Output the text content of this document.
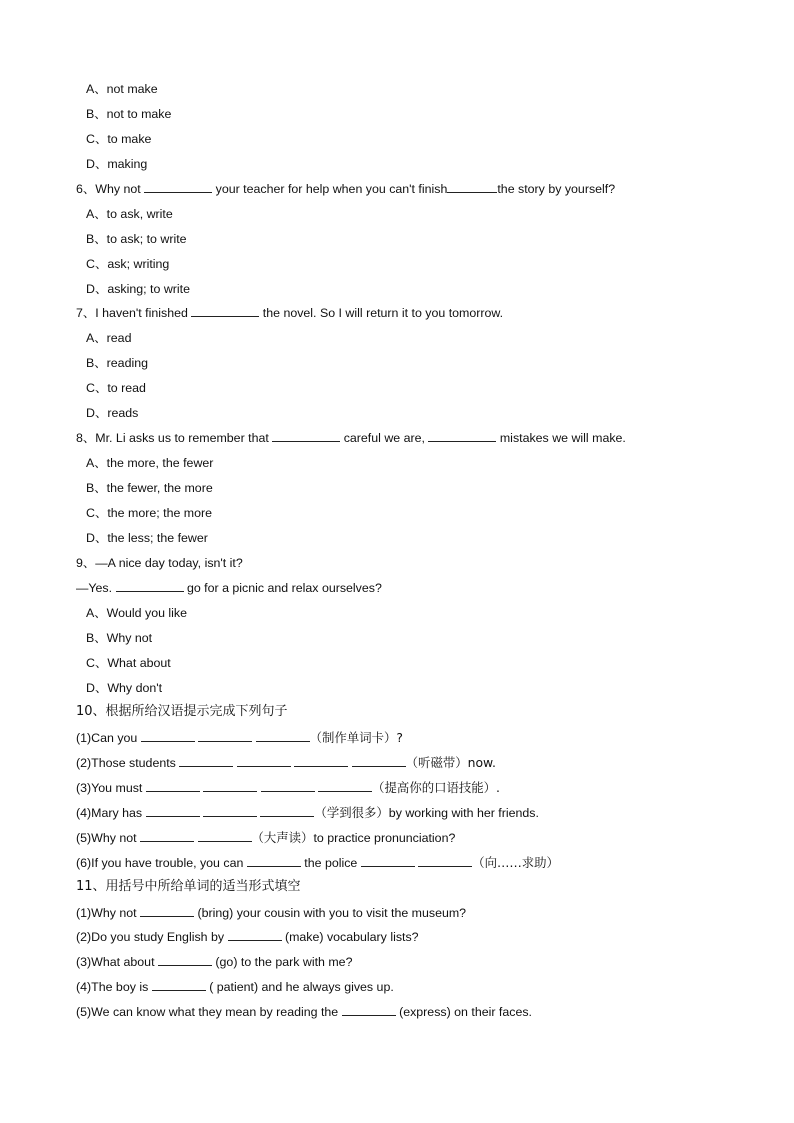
A、not make
B、not to make
C、to make
D、making
6、Why not	your teacher for help when you can't finish	the story by yourself?
A、to ask, write
B、to ask; to write
C、ask; writing
D、asking; to write
7、I haven't finished	the novel. So I will return it to you tomorrow.
A、read
B、reading
C、to read
D、reads
8、Mr. Li asks us to remember that	careful we are,	mistakes we will make.
A、the more, the fewer
B、the fewer, the more
C、the more; the more
D、the less; the fewer
9、—A nice day today, isn't it?
—Yes.	go for a picnic and relax ourselves?
A、Would you like
B、Why not
C、What about
D、Why don't
10、根据所给汉语提示完成下列句子
(1)Can you	（制作单词卡）?
(2)Those students	（听磁带）now.
(3)You must	（提高你的口语技能）.
(4)Mary has	（学到很多）by working with her friends.
(5)Why not	（大声读）to practice pronunciation?
(6)If you have trouble, you can	the police	（向……求助）
11、用括号中所给单词的适当形式填空
(1)Why not	(bring) your cousin with you to visit the museum?
(2)Do you study English by	(make) vocabulary lists?
(3)What about	(go) to the park with me?
(4)The boy is	( patient) and he always gives up.
(5)We can know what they mean by reading the	(express) on their faces.
